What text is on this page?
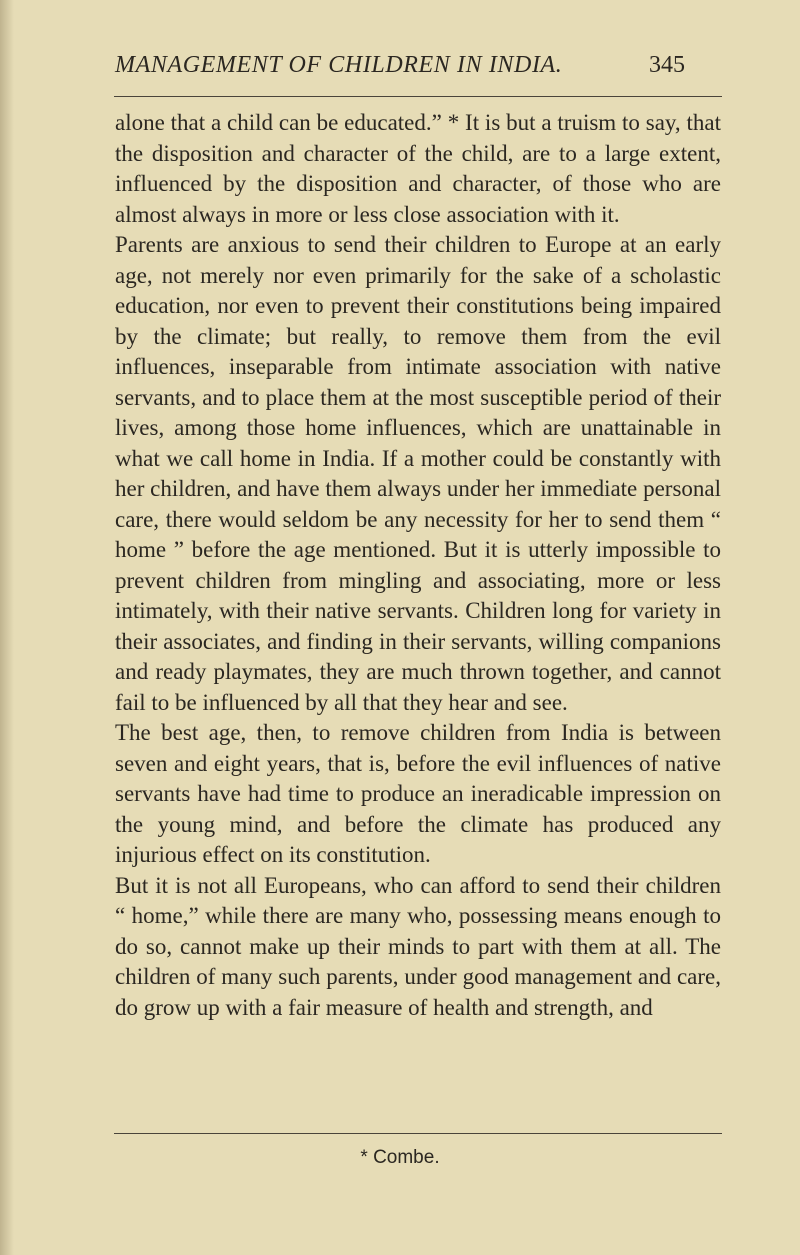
MANAGEMENT OF CHILDREN IN INDIA.	345

alone that a child can be educated.” * It is but a truism to say, that the disposition and character of the child, are to a large extent, influenced by the disposition and character, of those who are almost always in more or less close association with it.

Parents are anxious to send their children to Europe at an early age, not merely nor even primarily for the sake of a scholastic education, nor even to prevent their constitutions being impaired by the climate; but really, to remove them from the evil influences, inseparable from intimate association with native servants, and to place them at the most susceptible period of their lives, among those home influences, which are unattainable in what we call home in India. If a mother could be constantly with her children, and have them always under her immediate personal care, there would seldom be any necessity for her to send them “ home ” before the age mentioned. But it is utterly impossible to prevent children from mingling and associating, more or less intimately, with their native servants. Children long for variety in their associates, and finding in their servants, willing companions and ready playmates, they are much thrown together, and cannot fail to be influenced by all that they hear and see.

The best age, then, to remove children from India is between seven and eight years, that is, before the evil influences of native servants have had time to produce an ineradicable impression on the young mind, and before the climate has produced any injurious effect on its constitution.

But it is not all Europeans, who can afford to send their children “ home,” while there are many who, possessing means enough to do so, cannot make up their minds to part with them at all. The children of many such parents, under good management and care, do grow up with a fair measure of health and strength, and

* Combe.
